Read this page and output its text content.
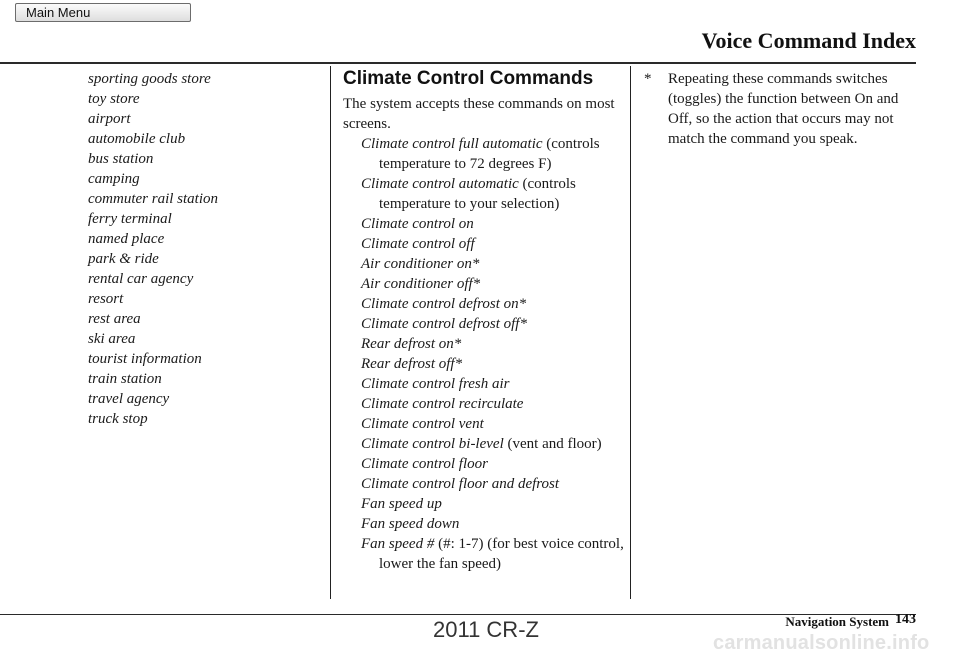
Main Menu
Voice Command Index
sporting goods store
toy store
airport
automobile club
bus station
camping
commuter rail station
ferry terminal
named place
park & ride
rental car agency
resort
rest area
ski area
tourist information
train station
travel agency
truck stop
Climate Control Commands
The system accepts these commands on most screens.
Climate control full automatic (controls temperature to 72 degrees F)
Climate control automatic (controls temperature to your selection)
Climate control on
Climate control off
Air conditioner on*
Air conditioner off*
Climate control defrost on*
Climate control defrost off*
Rear defrost on*
Rear defrost off*
Climate control fresh air
Climate control recirculate
Climate control vent
Climate control bi-level (vent and floor)
Climate control floor
Climate control floor and defrost
Fan speed up
Fan speed down
Fan speed # (#: 1-7) (for best voice control, lower the fan speed)
* Repeating these commands switches (toggles) the function between On and Off, so the action that occurs may not match the command you speak.
Navigation System 143
2011 CR-Z
carmanualsonline.info
